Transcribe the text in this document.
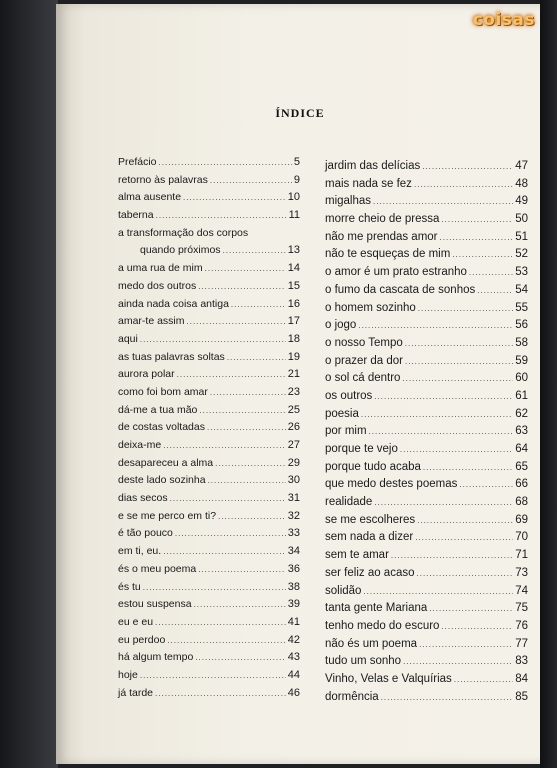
ÍNDICE
Prefácio .....	5
retorno às palavras .....	9
alma ausente .....	10
taberna .....	11
a transformação dos corpos
quando próximos .....	13
a uma rua de mim .....	14
medo dos outros .....	15
ainda nada coisa antiga .....	16
amar-te assim .....	17
aqui .....	18
as tuas palavras soltas .....	19
aurora polar .....	21
como foi bom amar .....	23
dá-me a tua mão .....	25
de costas voltadas .....	26
deixa-me .....	27
desapareceu a alma .....	29
deste lado sozinha .....	30
dias secos .....	31
e se me perco em ti? .....	32
é tão pouco .....	33
em ti, eu. .....	34
és o meu poema .....	36
és tu .....	38
estou suspensa .....	39
eu e eu .....	41
eu perdoo .....	42
há algum tempo .....	43
hoje .....	44
já tarde .....	46
jardim das delícias .....	47
mais nada se fez .....	48
migalhas .....	49
morre cheio de pressa .....	50
não me prendas amor .....	51
não te esqueças de mim .....	52
o amor é um prato estranho .....	53
o fumo da cascata de sonhos .....	54
o homem sozinho .....	55
o jogo .....	56
o nosso Tempo .....	58
o prazer da dor .....	59
o sol cá dentro .....	60
os outros .....	61
poesia .....	62
por mim .....	63
porque te vejo .....	64
porque tudo acaba .....	65
que medo destes poemas .....	66
realidade .....	68
se me escolheres .....	69
sem nada a dizer .....	70
sem te amar .....	71
ser feliz ao acaso .....	73
solidão .....	74
tanta gente Mariana .....	75
tenho medo do escuro .....	76
não és um poema .....	77
tudo um sonho .....	83
Vinho, Velas e Valquírias .....	84
dormência .....	85
coisas
